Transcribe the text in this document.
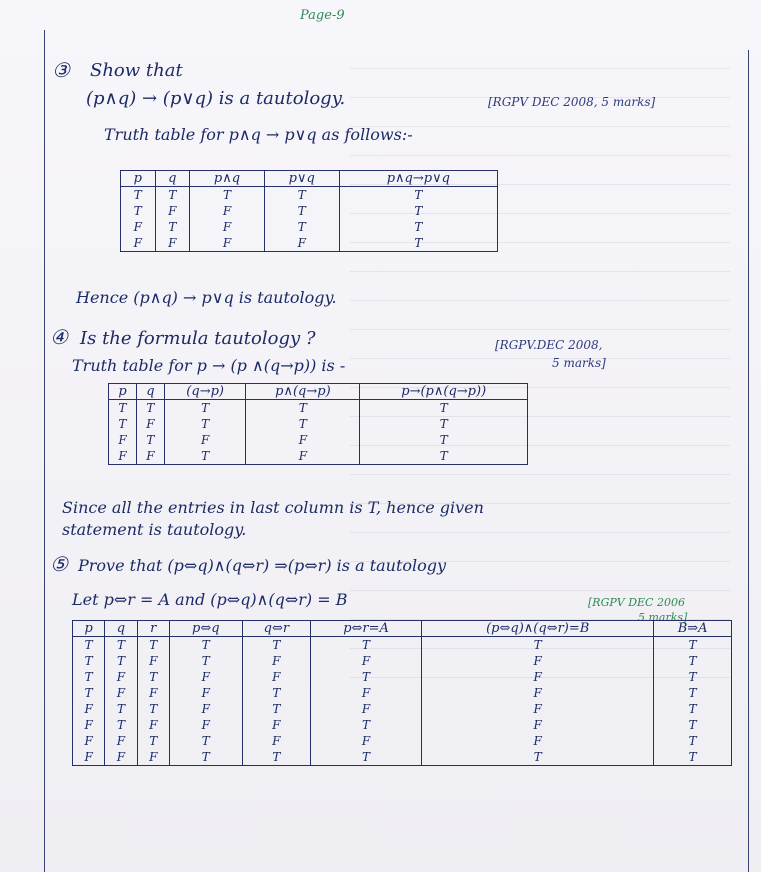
Page-9
③ Show that
(p∧q) → (p∨q) is a tautology.	[RGPV DEC 2008, 5 marks]
Truth table for p∧q → p∨q as follows:-
p	q	p∧q	p∨q	p∧q→p∨q
T	T	T	T	T
T	F	F	T	T
F	T	F	T	T
F	F	F	F	T
Hence (p∧q) → p∨q is tautology.
④ Is the formula tautology ?	[RGPV.DEC 2008,
5 marks]
Truth table for p → (p ∧(q→p)) is -
p	q	(q→p)	p∧(q→p)	p→(p∧(q→p))
T	T	T	T	T
T	F	T	T	T
F	T	F	F	T
F	F	T	F	T
Since all the entries in last column is T, hence given
statement is tautology.
⑤ Prove that (p⇔q)∧(q⇔r) ⇒(p⇔r) is a tautology
Let p⇔r = A and (p⇔q)∧(q⇔r) = B	[RGPV DEC 2006
5 marks]
p	q	r	p⇔q	q⇔r	p⇔r=A	(p⇔q)∧(q⇔r)=B	B⇒A
T	T	T	T	T	T	T	T
T	T	F	T	F	F	F	T
T	F	T	F	F	T	F	T
T	F	F	F	T	F	F	T
F	T	T	F	T	F	F	T
F	T	F	F	F	T	F	T
F	F	T	T	F	F	F	T
F	F	F	T	T	T	T	T
